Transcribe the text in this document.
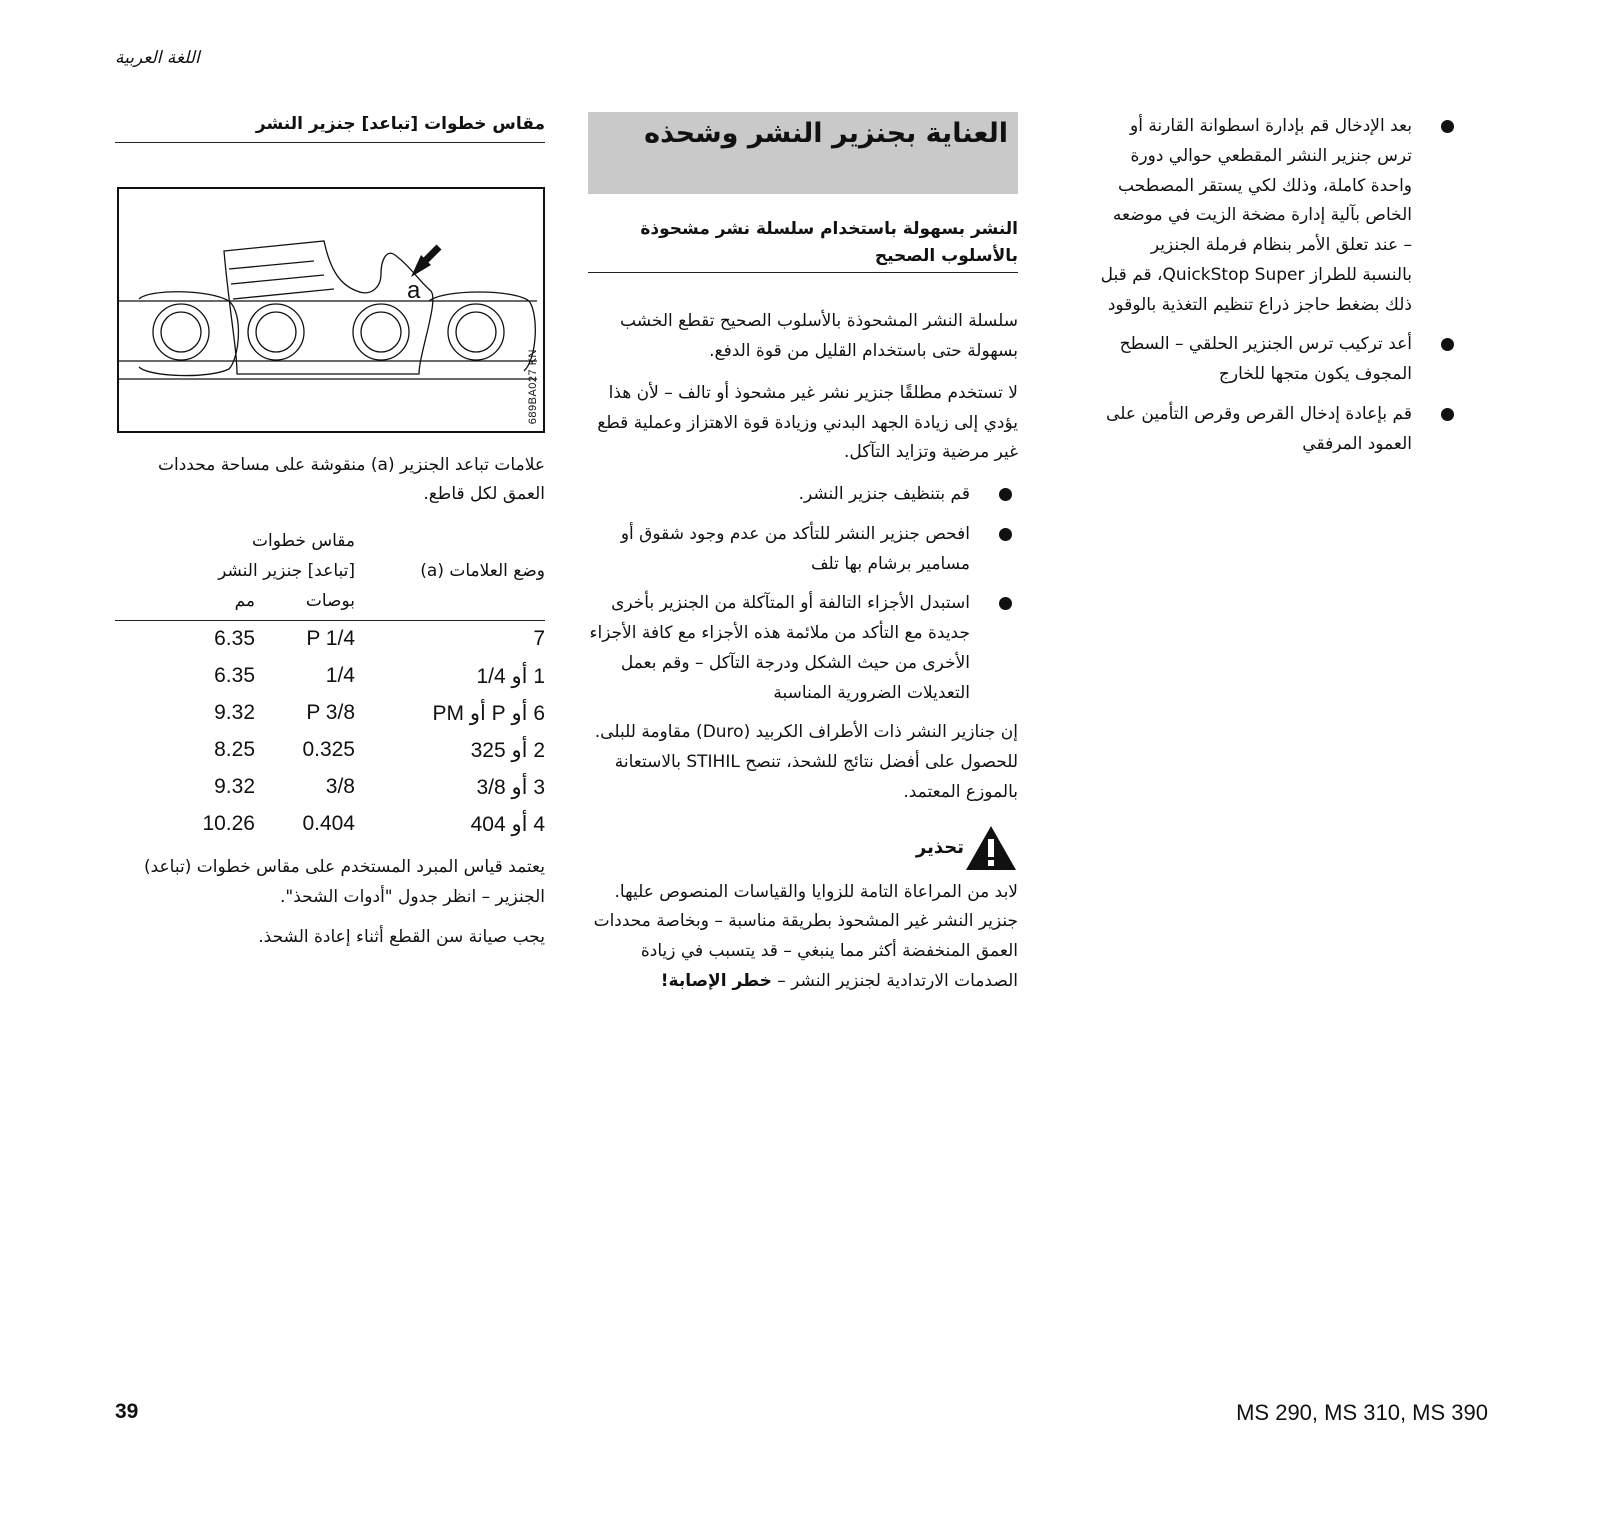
اللغة العربية
مقاس خطوات [تباعد] جنزير النشر
a
689BA027 KN

علامات تباعد الجنزير (a) منقوشة على مساحة محددات العمق لكل قاطع.

وضع العلامات (a)
مقاس خطوات
[تباعد] جنزير النشر
بوصات
مم
7
P 1/4
6.35
1 أو 1/4
1/4
6.35
6 أو P أو PM
P 3/8
9.32
2 أو 325
0.325
8.25
3 أو 3/8
3/8
9.32
4 أو 404
0.404
10.26

يعتمد قياس المبرد المستخدم على مقاس خطوات (تباعد) الجنزير – انظر جدول "أدوات الشحذ".

يجب صيانة سن القطع أثناء إعادة الشحذ.

العناية بجنزير النشر وشحذه
النشر بسهولة باستخدام سلسلة نشر مشحوذة بالأسلوب الصحيح

سلسلة النشر المشحوذة بالأسلوب الصحيح تقطع الخشب بسهولة حتى باستخدام القليل من قوة الدفع.

لا تستخدم مطلقًا جنزير نشر غير مشحوذ أو تالف – لأن هذا يؤدي إلى زيادة الجهد البدني وزيادة قوة الاهتزاز وعملية قطع غير مرضية وتزايد التآكل.

قم بتنظيف جنزير النشر.
افحص جنزير النشر للتأكد من عدم وجود شقوق أو مسامير برشام بها تلف
استبدل الأجزاء التالفة أو المتآكلة من الجنزير بأخرى جديدة مع التأكد من ملائمة هذه الأجزاء مع كافة الأجزاء الأخرى من حيث الشكل ودرجة التآكل – وقم بعمل التعديلات الضرورية المناسبة

إن جنازير النشر ذات الأطراف الكربيد (Duro) مقاومة للبلى. للحصول على أفضل نتائج للشحذ، تنصح STIHIL بالاستعانة بالموزع المعتمد.

تحذير

لابد من المراعاة التامة للزوايا والقياسات المنصوص عليها. جنزير النشر غير المشحوذ بطريقة مناسبة – وبخاصة محددات العمق المنخفضة أكثر مما ينبغي – قد يتسبب في زيادة الصدمات الارتدادية لجنزير النشر – خطر الإصابة!

بعد الإدخال قم بإدارة اسطوانة القارنة أو ترس جنزير النشر المقطعي حوالي دورة واحدة كاملة، وذلك لكي يستقر المصطحب الخاص بآلية إدارة مضخة الزيت في موضعه – عند تعلق الأمر بنظام فرملة الجنزير بالنسبة للطراز QuickStop Super، قم قبل ذلك بضغط حاجز ذراع تنظيم التغذية بالوقود
أعد تركيب ترس الجنزير الحلقي – السطح المجوف يكون متجها للخارج
قم بإعادة إدخال القرص وقرص التأمين على العمود المرفقي
39	MS 290, MS 310, MS 390
